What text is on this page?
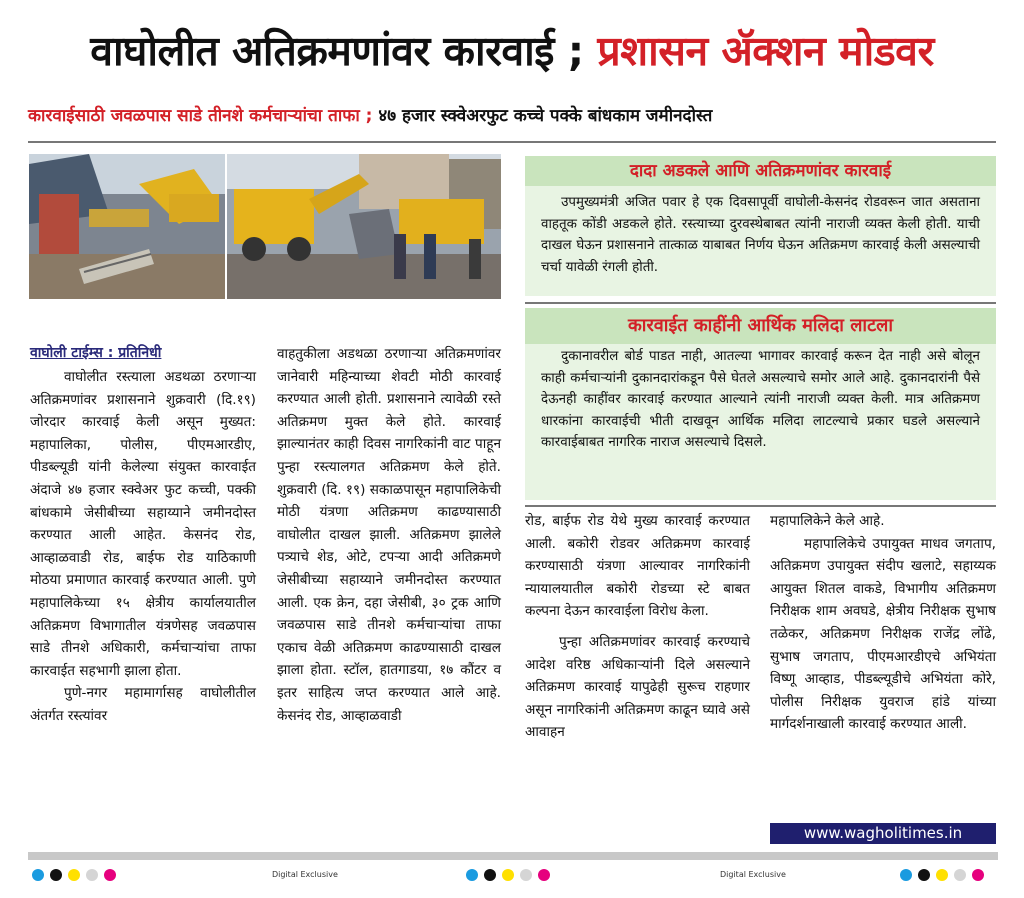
वाघोलीत अतिक्रमणांवर कारवाई ; प्रशासन ॲक्शन मोडवर
कारवाईसाठी जवळपास साडे तीनशे कर्मचाऱ्यांचा ताफा ; ४७ हजार स्क्वेअरफुट कच्चे पक्के बांधकाम जमीनदोस्त
वाघोली टाईम्स : प्रतिनिधी

वाघोलीत रस्त्याला अडथळा ठरणाऱ्या अतिक्रमणांवर प्रशासनाने शुक्रवारी (दि.१९) जोरदार कारवाई केली असून मुख्यत: महापालिका, पोलीस, पीएमआरडीए, पीडब्ल्यूडी यांनी केलेल्या संयुक्त कारवाईत अंदाजे ४७ हजार स्क्वेअर फुट कच्ची, पक्की बांधकामे जेसीबीच्या सहाय्याने जमीनदोस्त करण्यात आली आहेत. केसनंद रोड, आव्हाळवाडी रोड, बाईफ रोड याठिकाणी मोठया प्रमाणात कारवाई करण्यात आली. पुणे महापालिकेच्या १५ क्षेत्रीय कार्यालयातील अतिक्रमण विभागातील यंत्रणेसह जवळपास साडे तीनशे अधिकारी, कर्मचाऱ्यांचा ताफा कारवाईत सहभागी झाला होता.

पुणे-नगर महामार्गासह वाघोलीतील अंतर्गत रस्त्यांवर

वाहतुकीला अडथळा ठरणाऱ्या अतिक्रमणांवर जानेवारी महिन्याच्या शेवटी मोठी कारवाई करण्यात आली होती. प्रशासनाने त्यावेळी रस्ते अतिक्रमण मुक्त केले होते. कारवाई झाल्यानंतर काही दिवस नागरिकांनी वाट पाहून पुन्हा रस्त्यालगत अतिक्रमण केले होते. शुक्रवारी (दि. १९) सकाळपासून महापालिकेची मोठी यंत्रणा अतिक्रमण काढण्यासाठी वाघोलीत दाखल झाली. अतिक्रमण झालेले पत्र्याचे शेड, ओटे, टपऱ्या आदी अतिक्रमणे जेसीबीच्या सहाय्याने जमीनदोस्त करण्यात आली. एक क्रेन, दहा जेसीबी, ३० ट्रक आणि जवळपास साडे तीनशे कर्मचाऱ्यांचा ताफा एकाच वेळी अतिक्रमण काढण्यासाठी दाखल झाला होता. स्टॉल, हातगाडया, १७ कौंटर व इतर साहित्य जप्त करण्यात आले आहे. केसनंद रोड, आव्हाळवाडी

दादा अडकले आणि अतिक्रमणांवर कारवाई
उपमुख्यमंत्री अजित पवार हे एक दिवसापूर्वी वाघोली-केसनंद रोडवरून जात असताना वाहतूक कोंडी अडकले होते. रस्त्याच्या दुरवस्थेबाबत त्यांनी नाराजी व्यक्त केली होती. याची दाखल घेऊन प्रशासनाने तात्काळ याबाबत निर्णय घेऊन अतिक्रमण कारवाई केली असल्याची चर्चा यावेळी रंगली होती.
कारवाईत काहींनी आर्थिक मलिदा लाटला
दुकानावरील बोर्ड पाडत नाही, आतल्या भागावर कारवाई करून देत नाही असे बोलून काही कर्मचाऱ्यांनी दुकानदारांकडून पैसे घेतले असल्याचे समोर आले आहे. दुकानदारांनी पैसे देऊनही काहींवर कारवाई करण्यात आल्याने त्यांनी नाराजी व्यक्त केली. मात्र अतिक्रमण धारकांना कारवाईची भीती दाखवून आर्थिक मलिदा लाटल्याचे प्रकार घडले असल्याने कारवाईबाबत नागरिक नाराज असल्याचे दिसले.

रोड, बाईफ रोड येथे मुख्य कारवाई करण्यात आली. बकोरी रोडवर अतिक्रमण कारवाई करण्यासाठी यंत्रणा आल्यावर नागरिकांनी न्यायालयातील बकोरी रोडच्या स्टे बाबत कल्पना देऊन कारवाईला विरोध केला.

पुन्हा अतिक्रमणांवर कारवाई करण्याचे आदेश वरिष्ठ अधिकाऱ्यांनी दिले असल्याने अतिक्रमण कारवाई यापुढेही सुरूच राहणार असून नागरिकांनी अतिक्रमण काढून घ्यावे असे आवाहन

महापालिकेने केले आहे.

महापालिकेचे उपायुक्त माधव जगताप, अतिक्रमण उपायुक्त संदीप खलाटे, सहाय्यक आयुक्त शितल वाकडे, विभागीय अतिक्रमण निरीक्षक शाम अवघडे, क्षेत्रीय निरीक्षक सुभाष तळेकर, अतिक्रमण निरीक्षक राजेंद्र लोंढे, सुभाष जगताप, पीएमआरडीएचे अभियंता विष्णू आव्हाड, पीडब्ल्यूडीचे अभियंता कोरे, पोलीस निरीक्षक युवराज हांडे यांच्या मार्गदर्शनाखाली कारवाई करण्यात आली.

www.wagholitimes.in
Digital Exclusive	Digital Exclusive
